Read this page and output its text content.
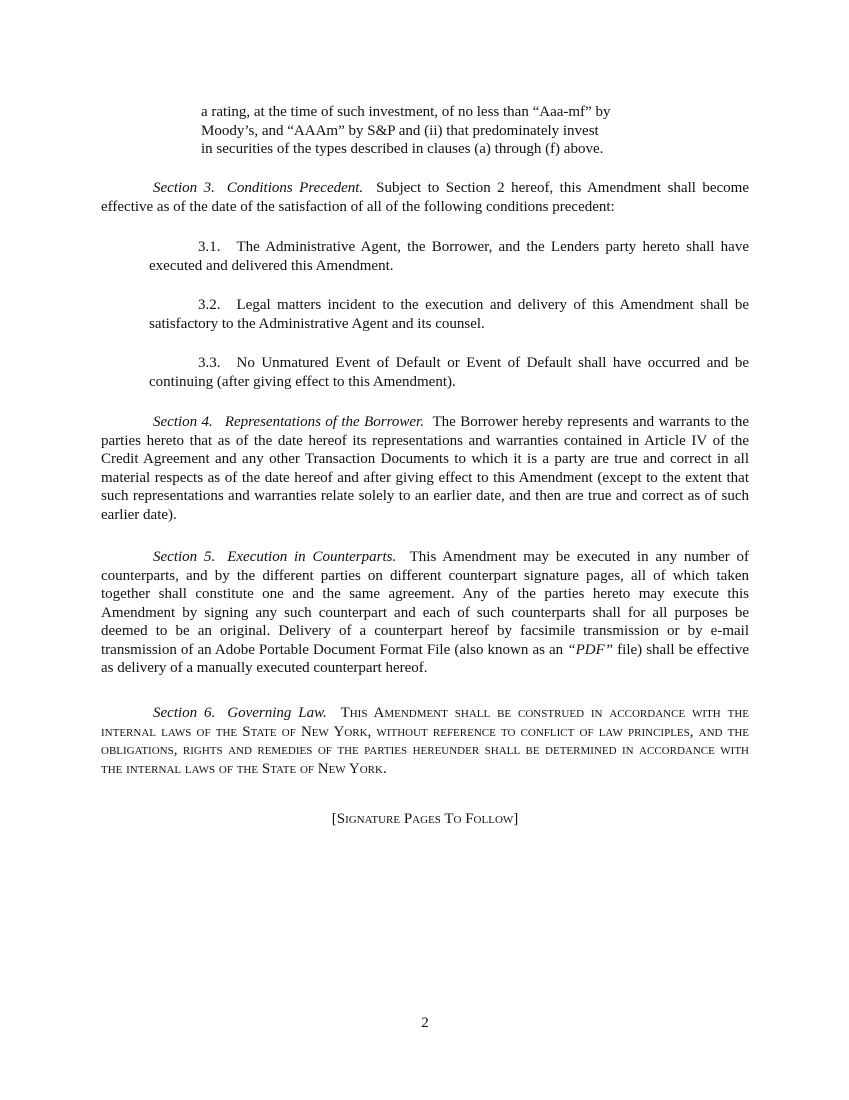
a rating, at the time of such investment, of no less than “Aaa-mf” by
Moody’s, and “AAAm” by S&P and (ii) that predominately invest
in securities of the types described in clauses (a) through (f) above.

Section 3. Conditions Precedent. Subject to Section 2 hereof, this Amendment shall become effective as of the date of the satisfaction of all of the following conditions precedent:

3.1. The Administrative Agent, the Borrower, and the Lenders party hereto shall have executed and delivered this Amendment.

3.2. Legal matters incident to the execution and delivery of this Amendment shall be satisfactory to the Administrative Agent and its counsel.

3.3. No Unmatured Event of Default or Event of Default shall have occurred and be continuing (after giving effect to this Amendment).

Section 4. Representations of the Borrower. The Borrower hereby represents and warrants to the parties hereto that as of the date hereof its representations and warranties contained in Article IV of the Credit Agreement and any other Transaction Documents to which it is a party are true and correct in all material respects as of the date hereof and after giving effect to this Amendment (except to the extent that such representations and warranties relate solely to an earlier date, and then are true and correct as of such earlier date).

Section 5. Execution in Counterparts. This Amendment may be executed in any number of counterparts, and by the different parties on different counterpart signature pages, all of which taken together shall constitute one and the same agreement. Any of the parties hereto may execute this Amendment by signing any such counterpart and each of such counterparts shall for all purposes be deemed to be an original. Delivery of a counterpart hereof by facsimile transmission or by e-mail transmission of an Adobe Portable Document Format File (also known as an “PDF” file) shall be effective as delivery of a manually executed counterpart hereof.

Section 6. Governing Law. This Amendment shall be construed in accordance with the internal laws of the State of New York, without reference to conflict of law principles, and the obligations, rights and remedies of the parties hereunder shall be determined in accordance with the internal laws of the State of New York.

[Signature Pages To Follow]
2
